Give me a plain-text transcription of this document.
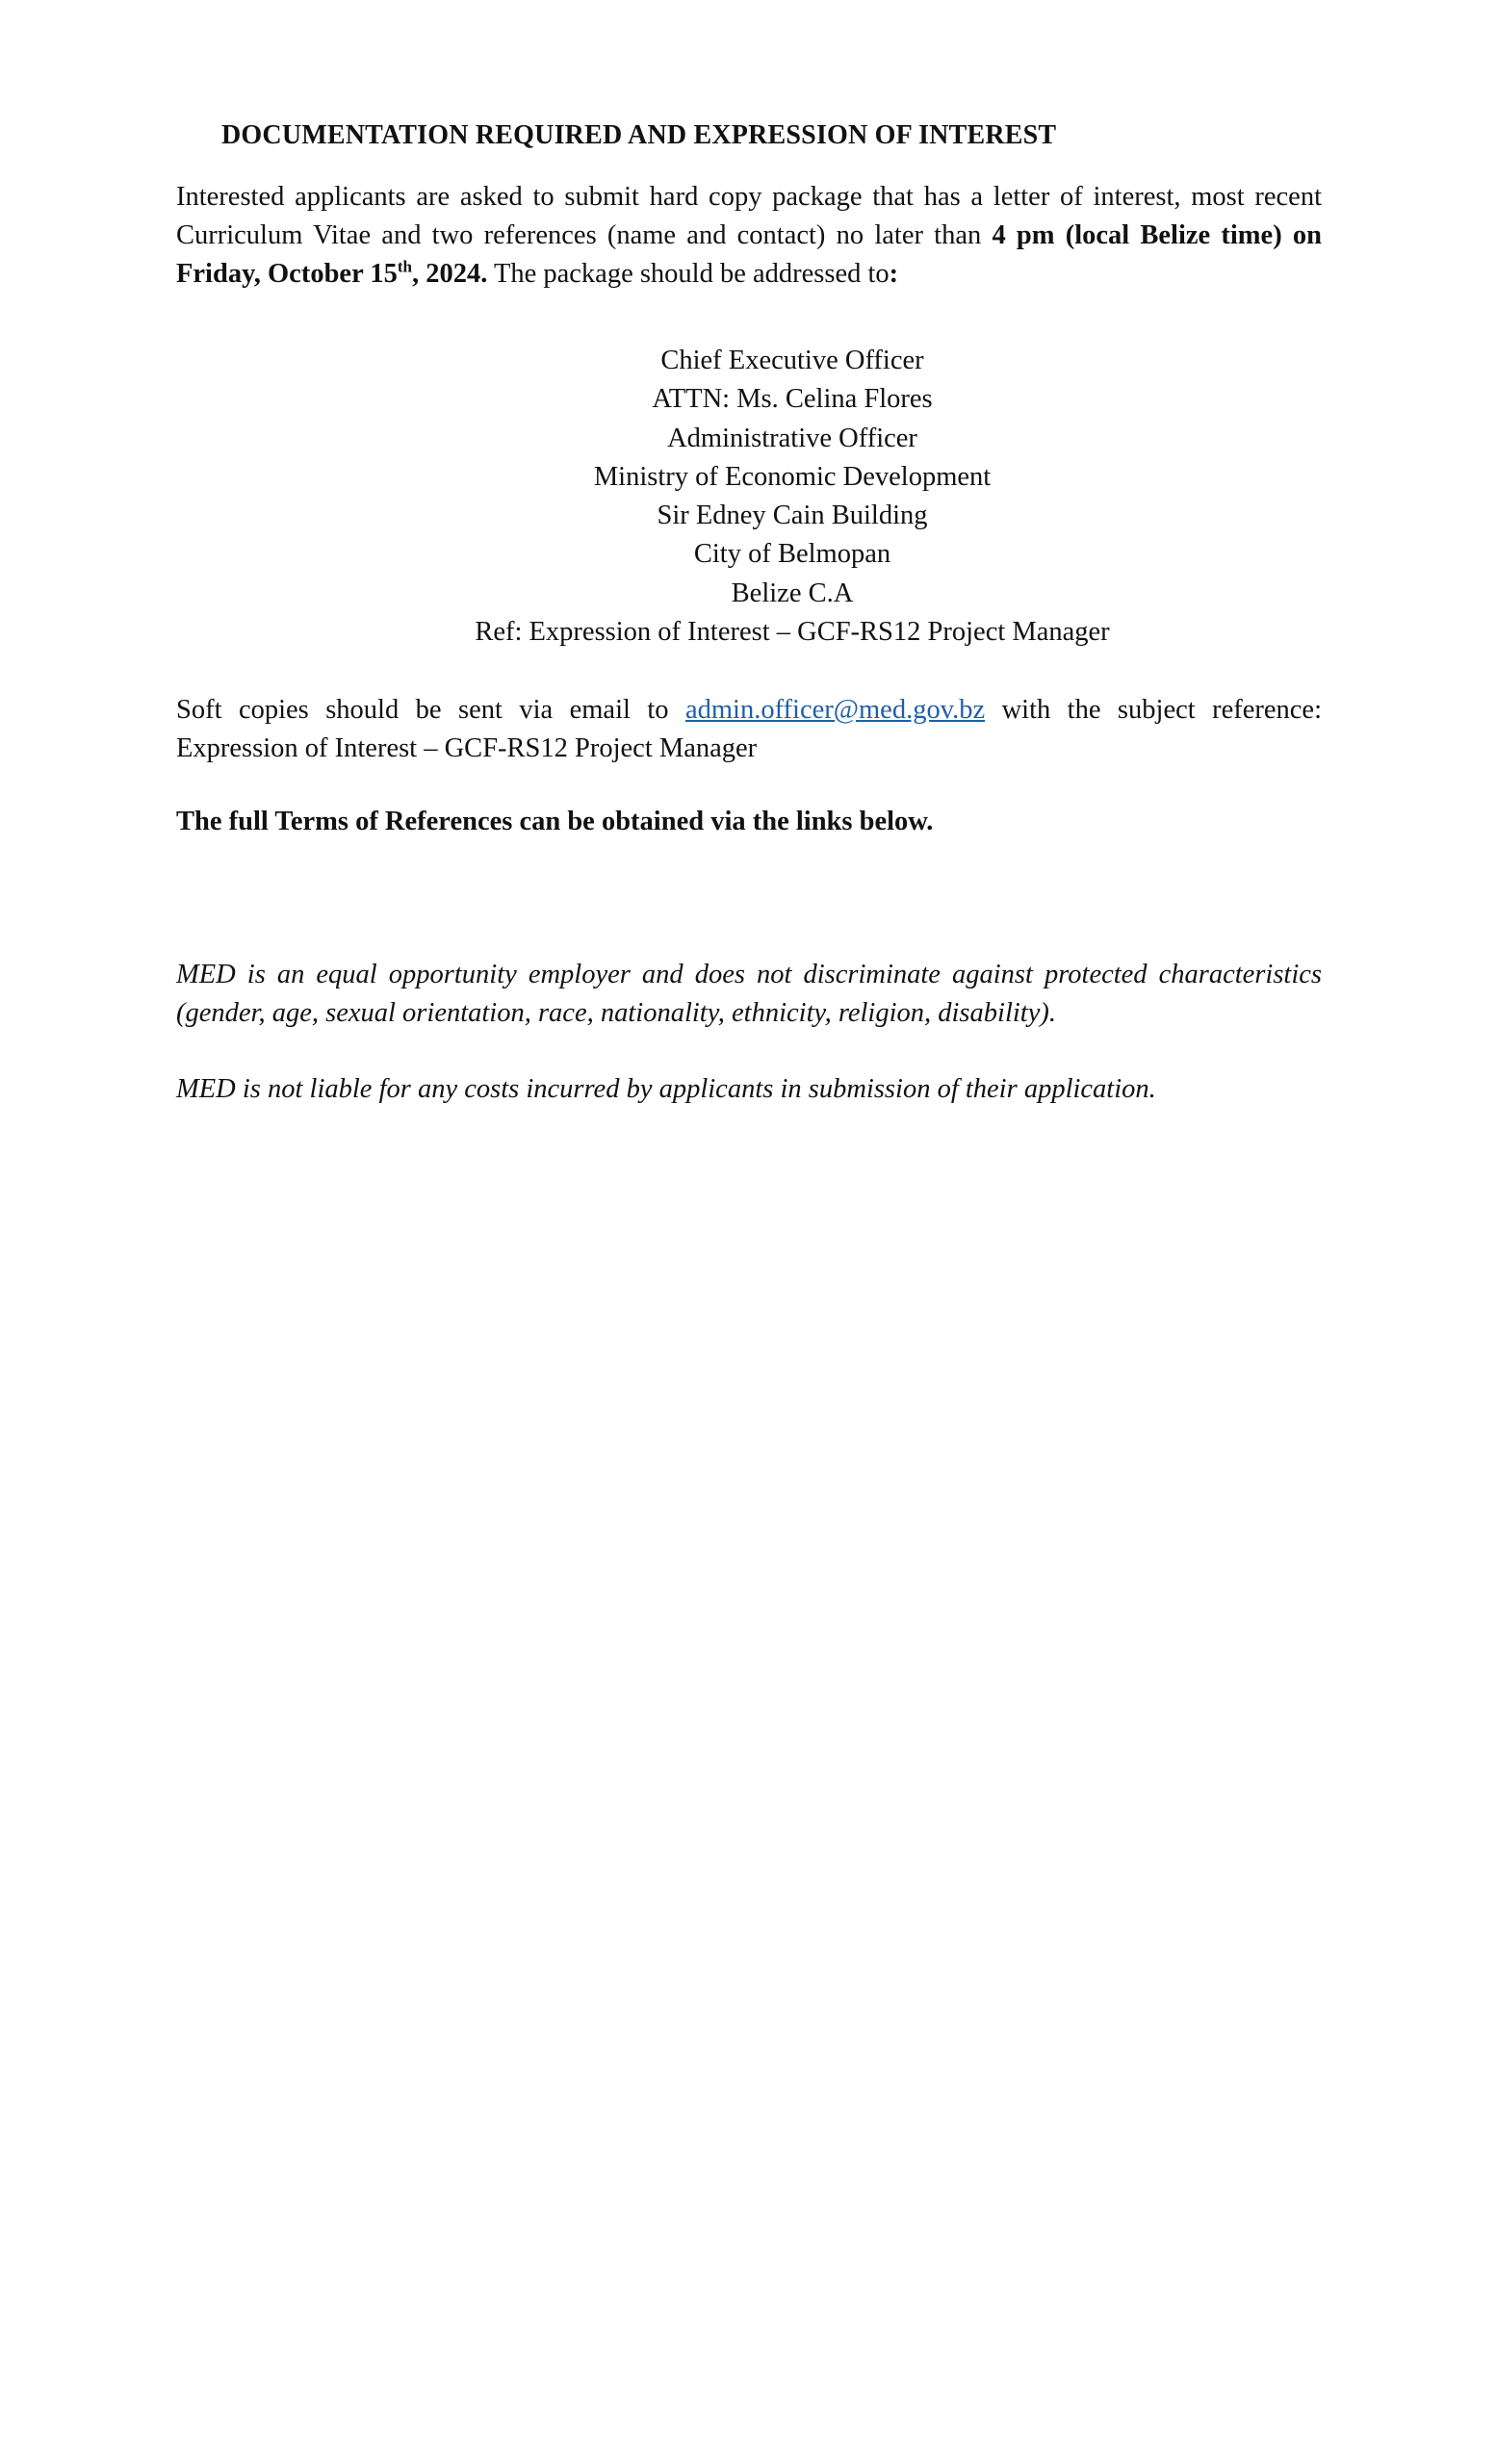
DOCUMENTATION REQUIRED AND EXPRESSION OF INTEREST

Interested applicants are asked to submit hard copy package that has a letter of interest, most recent Curriculum Vitae and two references (name and contact) no later than 4 pm (local Belize time) on Friday, October 15th, 2024. The package should be addressed to:

Chief Executive Officer
ATTN: Ms. Celina Flores
Administrative Officer
Ministry of Economic Development
Sir Edney Cain Building
City of Belmopan
Belize C.A
Ref: Expression of Interest – GCF-RS12 Project Manager

Soft copies should be sent via email to admin.officer@med.gov.bz with the subject reference: Expression of Interest – GCF-RS12 Project Manager

The full Terms of References can be obtained via the links below.

MED is an equal opportunity employer and does not discriminate against protected characteristics (gender, age, sexual orientation, race, nationality, ethnicity, religion, disability).

MED is not liable for any costs incurred by applicants in submission of their application.
